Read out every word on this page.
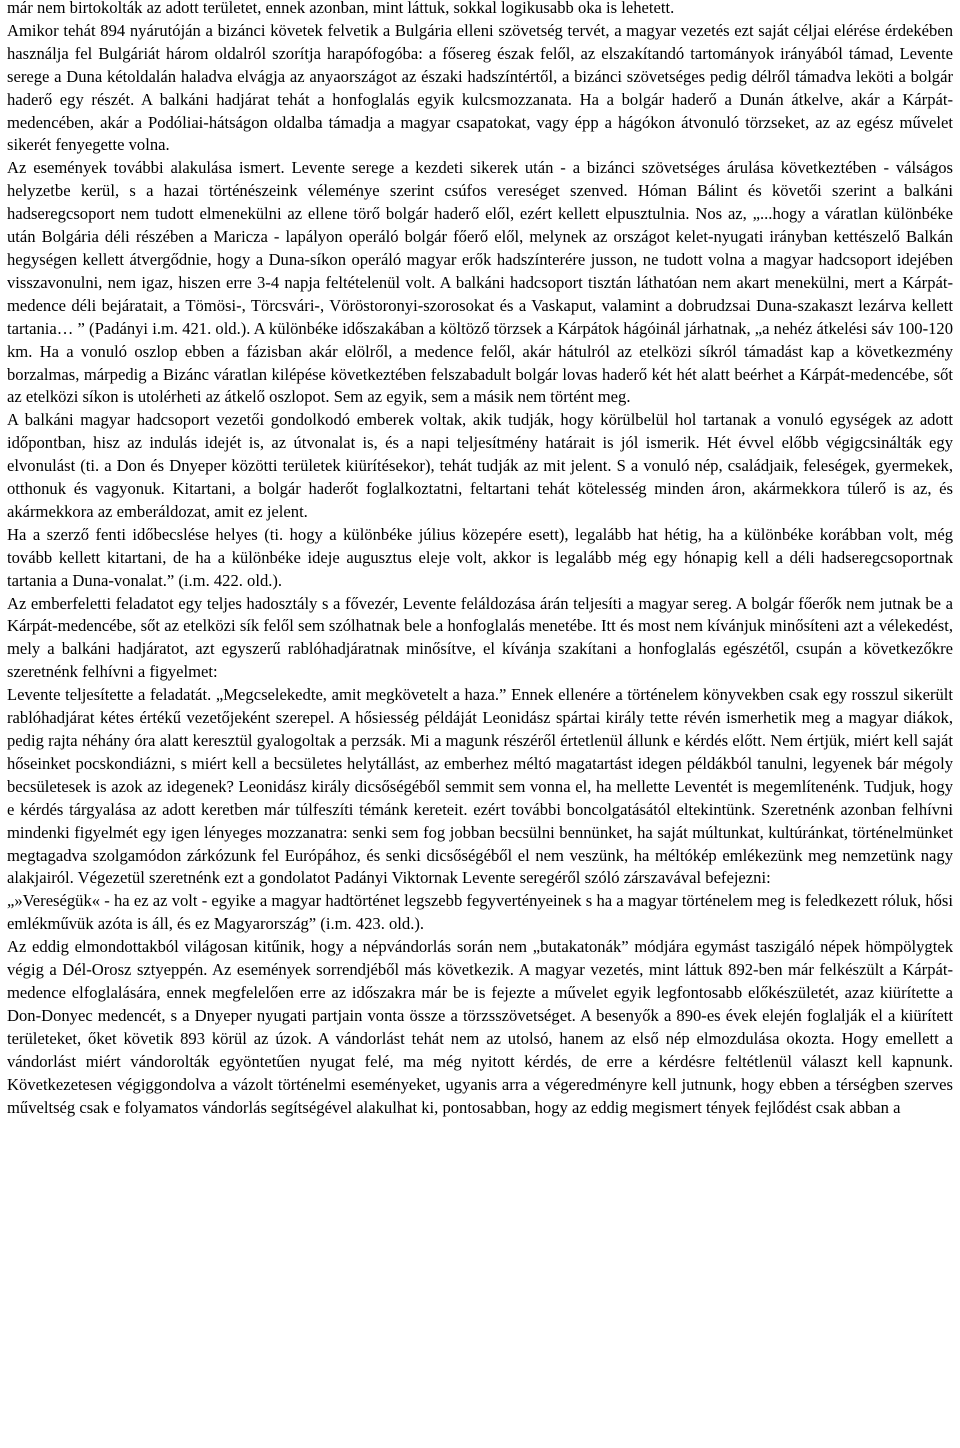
már nem birtokolták az adott területet, ennek azonban, mint láttuk, sokkal logikusabb oka is lehetett.

Amikor tehát 894 nyárutóján a bizánci követek felvetik a Bulgária elleni szövetség tervét, a magyar vezetés ezt saját céljai elérése érdekében használja fel Bulgáriát három oldalról szorítja harapófogóba: a fősereg észak felől, az elszakítandó tartományok irányából támad, Levente serege a Duna kétoldalán haladva elvágja az anyaországot az északi hadszíntértől, a bizánci szövetséges pedig délről támadva leköti a bolgár haderő egy részét. A balkáni hadjárat tehát a honfoglalás egyik kulcsmozzanata. Ha a bolgár haderő a Dunán átkelve, akár a Kárpát-medencében, akár a Podóliai-hátságon oldalba támadja a magyar csapatokat, vagy épp a hágókon átvonuló törzseket, az az egész művelet sikerét fenyegette volna.

Az események további alakulása ismert. Levente serege a kezdeti sikerek után - a bizánci szövetséges árulása következtében - válságos helyzetbe kerül, s a hazai történészeink véleménye szerint csúfos vereséget szenved. Hóman Bálint és követői szerint a balkáni hadseregcsoport nem tudott elmenekülni az ellene törő bolgár haderő elől, ezért kellett elpusztulnia. Nos az, „...hogy a váratlan különbéke után Bolgária déli részében a Maricza - lapályon operáló bolgár főerő elől, melynek az országot kelet-nyugati irányban kettészelő Balkán hegységen kellett átvergődnie, hogy a Duna-síkon operáló magyar erők hadszínterére jusson, ne tudott volna a magyar hadcsoport idejében visszavonulni, nem igaz, hiszen erre 3-4 napja feltételenül volt. A balkáni hadcsoport tisztán láthatóan nem akart menekülni, mert a Kárpát-medence déli bejáratait, a Tömösi-, Törcsvári-, Vöröstoronyi-szorosokat és a Vaskaput, valamint a dobrudzsai Duna-szakaszt lezárva kellett tartania… ” (Padányi i.m. 421. old.). A különbéke időszakában a költöző törzsek a Kárpátok hágóinál járhatnak, „a nehéz átkelési sáv 100-120 km. Ha a vonuló oszlop ebben a fázisban akár elölről, a medence felől, akár hátulról az etelközi síkról támadást kap a következmény borzalmas, márpedig a Bizánc váratlan kilépése következtében felszabadult bolgár lovas haderő két hét alatt beérhet a Kárpát-medencébe, sőt az etelközi síkon is utolérheti az átkelő oszlopot. Sem az egyik, sem a másik nem történt meg.

A balkáni magyar hadcsoport vezetői gondolkodó emberek voltak, akik tudják, hogy körülbelül hol tartanak a vonuló egységek az adott időpontban, hisz az indulás idejét is, az útvonalat is, és a napi teljesítmény határait is jól ismerik. Hét évvel előbb végigcsinálták egy elvonulást (ti. a Don és Dnyeper közötti területek kiürítésekor), tehát tudják az mit jelent. S a vonuló nép, családjaik, feleségek, gyermekek, otthonuk és vagyonuk. Kitartani, a bolgár haderőt foglalkoztatni, feltartani tehát kötelesség minden áron, akármekkora túlerő is az, és akármekkora az emberáldozat, amit ez jelent.

Ha a szerző fenti időbecslése helyes (ti. hogy a különbéke július közepére esett), legalább hat hétig, ha a különbéke korábban volt, még tovább kellett kitartani, de ha a különbéke ideje augusztus eleje volt, akkor is legalább még egy hónapig kell a déli hadseregcsoportnak tartania a Duna-vonalat.” (i.m. 422. old.).

Az emberfeletti feladatot egy teljes hadosztály s a fővezér, Levente feláldozása árán teljesíti a magyar sereg. A bolgár főerők nem jutnak be a Kárpát-medencébe, sőt az etelközi sík felől sem szólhatnak bele a honfoglalás menetébe. Itt és most nem kívánjuk minősíteni azt a vélekedést, mely a balkáni hadjáratot, azt egyszerű rablóhadjáratnak minősítve, el kívánja szakítani a honfoglalás egészétől, csupán a következőkre szeretnénk felhívni a figyelmet:

Levente teljesítette a feladatát. „Megcselekedte, amit megkövetelt a haza.” Ennek ellenére a történelem könyvekben csak egy rosszul sikerült rablóhadjárat kétes értékű vezetőjeként szerepel. A hősiesség példáját Leonidász spártai király tette révén ismerhetik meg a magyar diákok, pedig rajta néhány óra alatt keresztül gyalogoltak a perzsák. Mi a magunk részéről értetlenül állunk e kérdés előtt. Nem értjük, miért kell saját hőseinket pocskondiázni, s miért kell a becsületes helytállást, az emberhez méltó magatartást idegen példákból tanulni, legyenek bár mégoly becsületesek is azok az idegenek? Leonidász király dicsőségéből semmit sem vonna el, ha mellette Leventét is megemlítenénk. Tudjuk, hogy e kérdés tárgyalása az adott keretben már túlfeszíti témánk kereteit. ezért további boncolgatásától eltekintünk. Szeretnénk azonban felhívni mindenki figyelmét egy igen lényeges mozzanatra: senki sem fog jobban becsülni bennünket, ha saját múltunkat, kultúránkat, történelmünket megtagadva szolgamódon zárkózunk fel Európához, és senki dicsőségéből el nem veszünk, ha méltókép emlékezünk meg nemzetünk nagy alakjairól. Végezetül szeretnénk ezt a gondolatot Padányi Viktornak Levente seregéről szóló zárszavával befejezni:

„»Vereségük« - ha ez az volt - egyike a magyar hadtörténet legszebb fegyvertényeinek s ha a magyar történelem meg is feledkezett róluk, hősi emlékművük azóta is áll, és ez Magyarország” (i.m. 423. old.).

Az eddig elmondottakból világosan kitűnik, hogy a népvándorlás során nem „butakatonák” módjára egymást taszigáló népek hömpölygtek végig a Dél-Orosz sztyeppén. Az események sorrendjéből más következik. A magyar vezetés, mint láttuk 892-ben már felkészült a Kárpát-medence elfoglalására, ennek megfelelően erre az időszakra már be is fejezte a művelet egyik legfontosabb előkészületét, azaz kiürítette a Don-Donyec medencét, s a Dnyeper nyugati partjain vonta össze a törzsszövetséget. A besenyők a 890-es évek elején foglalják el a kiürített területeket, őket követik 893 körül az úzok. A vándorlást tehát nem az utolsó, hanem az első nép elmozdulása okozta. Hogy emellett a vándorlást miért vándorolták egyöntetűen nyugat felé, ma még nyitott kérdés, de erre a kérdésre feltétlenül választ kell kapnunk. Következetesen végiggondolva a vázolt történelmi eseményeket, ugyanis arra a végeredményre kell jutnunk, hogy ebben a térségben szerves műveltség csak e folyamatos vándorlás segítségével alakulhat ki, pontosabban, hogy az eddig megismert tények fejlődést csak abban a
